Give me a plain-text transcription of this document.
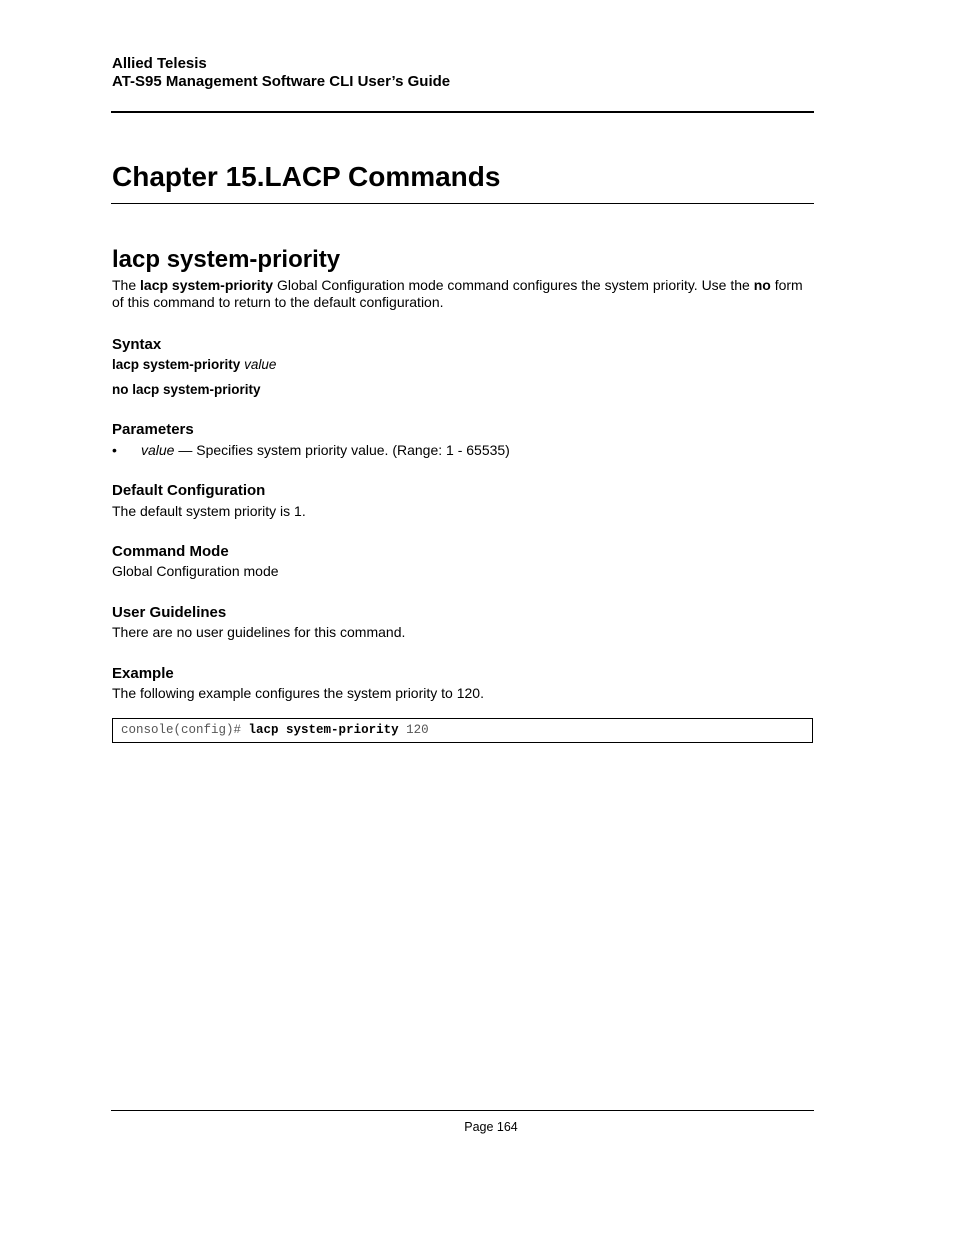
Allied Telesis
AT-S95 Management Software CLI User’s Guide
Chapter 15.LACP Commands
lacp system-priority
The lacp system-priority Global Configuration mode command configures the system priority. Use the no form of this command to return to the default configuration.
Syntax
lacp system-priority value
no lacp system-priority
Parameters
•	value — Specifies system priority value. (Range: 1 - 65535)
Default Configuration
The default system priority is 1.
Command Mode
Global Configuration mode
User Guidelines
There are no user guidelines for this command.
Example
The following example configures the system priority to 120.
console(config)# lacp system-priority 120
Page 164
